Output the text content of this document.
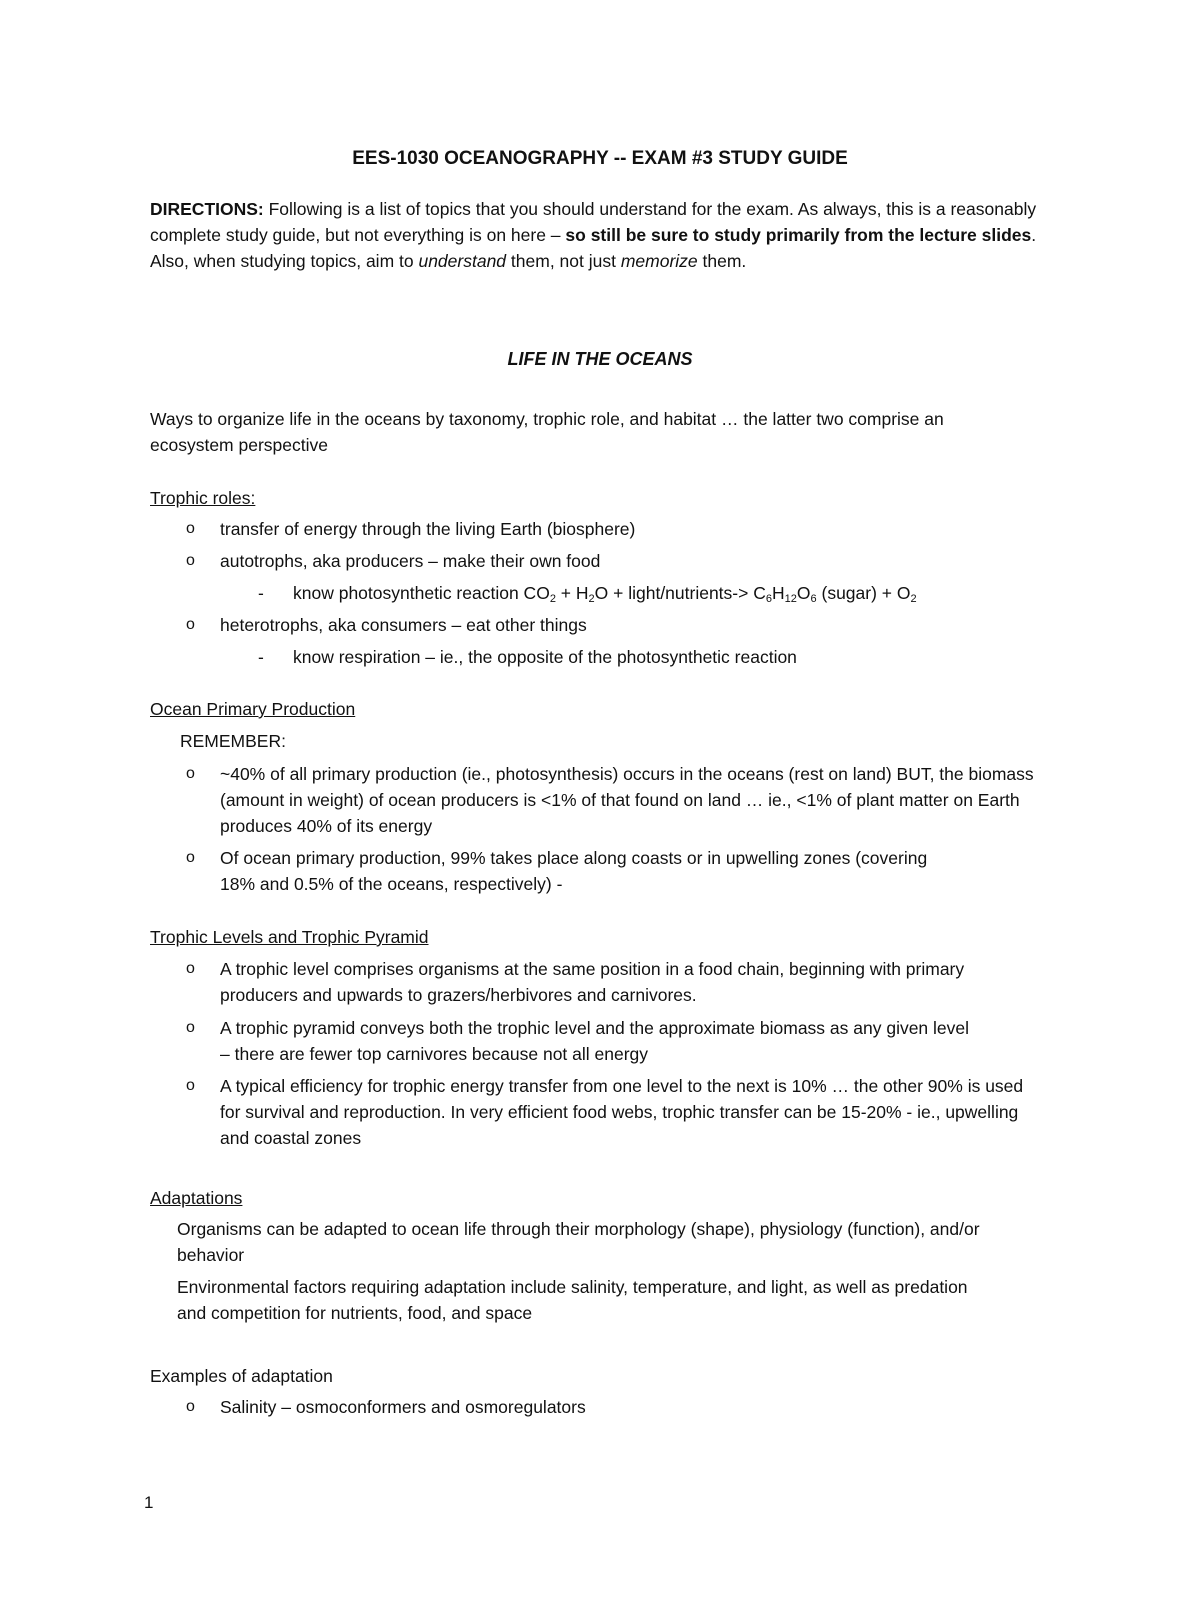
EES-1030 OCEANOGRAPHY -- EXAM #3 STUDY GUIDE
DIRECTIONS: Following is a list of topics that you should understand for the exam. As always, this is a reasonably complete study guide, but not everything is on here – so still be sure to study primarily from the lecture slides. Also, when studying topics, aim to understand them, not just memorize them.
LIFE IN THE OCEANS
Ways to organize life in the oceans by taxonomy, trophic role, and habitat … the latter two comprise an ecosystem perspective
Trophic roles:
o transfer of energy through the living Earth (biosphere)
o autotrophs, aka producers – make their own food
- know photosynthetic reaction $CO_2 + H_2O$ + light/nutrients-> $C_6H_{12}O_6$ (sugar) + $O_2$
o heterotrophs, aka consumers – eat other things
- know respiration – ie., the opposite of the photosynthetic reaction
Ocean Primary Production
REMEMBER:
o ~40% of all primary production (ie., photosynthesis) occurs in the oceans (rest on land) BUT, the biomass (amount in weight) of ocean producers is <1% of that found on land … ie., <1% of plant matter on Earth produces 40% of its energy
o Of ocean primary production, 99% takes place along coasts or in upwelling zones (covering 18% and 0.5% of the oceans, respectively) -
Trophic Levels and Trophic Pyramid
o A trophic level comprises organisms at the same position in a food chain, beginning with primary producers and upwards to grazers/herbivores and carnivores.
o A trophic pyramid conveys both the trophic level and the approximate biomass as any given level – there are fewer top carnivores because not all energy
o A typical efficiency for trophic energy transfer from one level to the next is 10% … the other 90% is used for survival and reproduction. In very efficient food webs, trophic transfer can be 15-20% - ie., upwelling and coastal zones
Adaptations
Organisms can be adapted to ocean life through their morphology (shape), physiology (function), and/or behavior
Environmental factors requiring adaptation include salinity, temperature, and light, as well as predation and competition for nutrients, food, and space
Examples of adaptation
o Salinity – osmoconformers and osmoregulators
1
